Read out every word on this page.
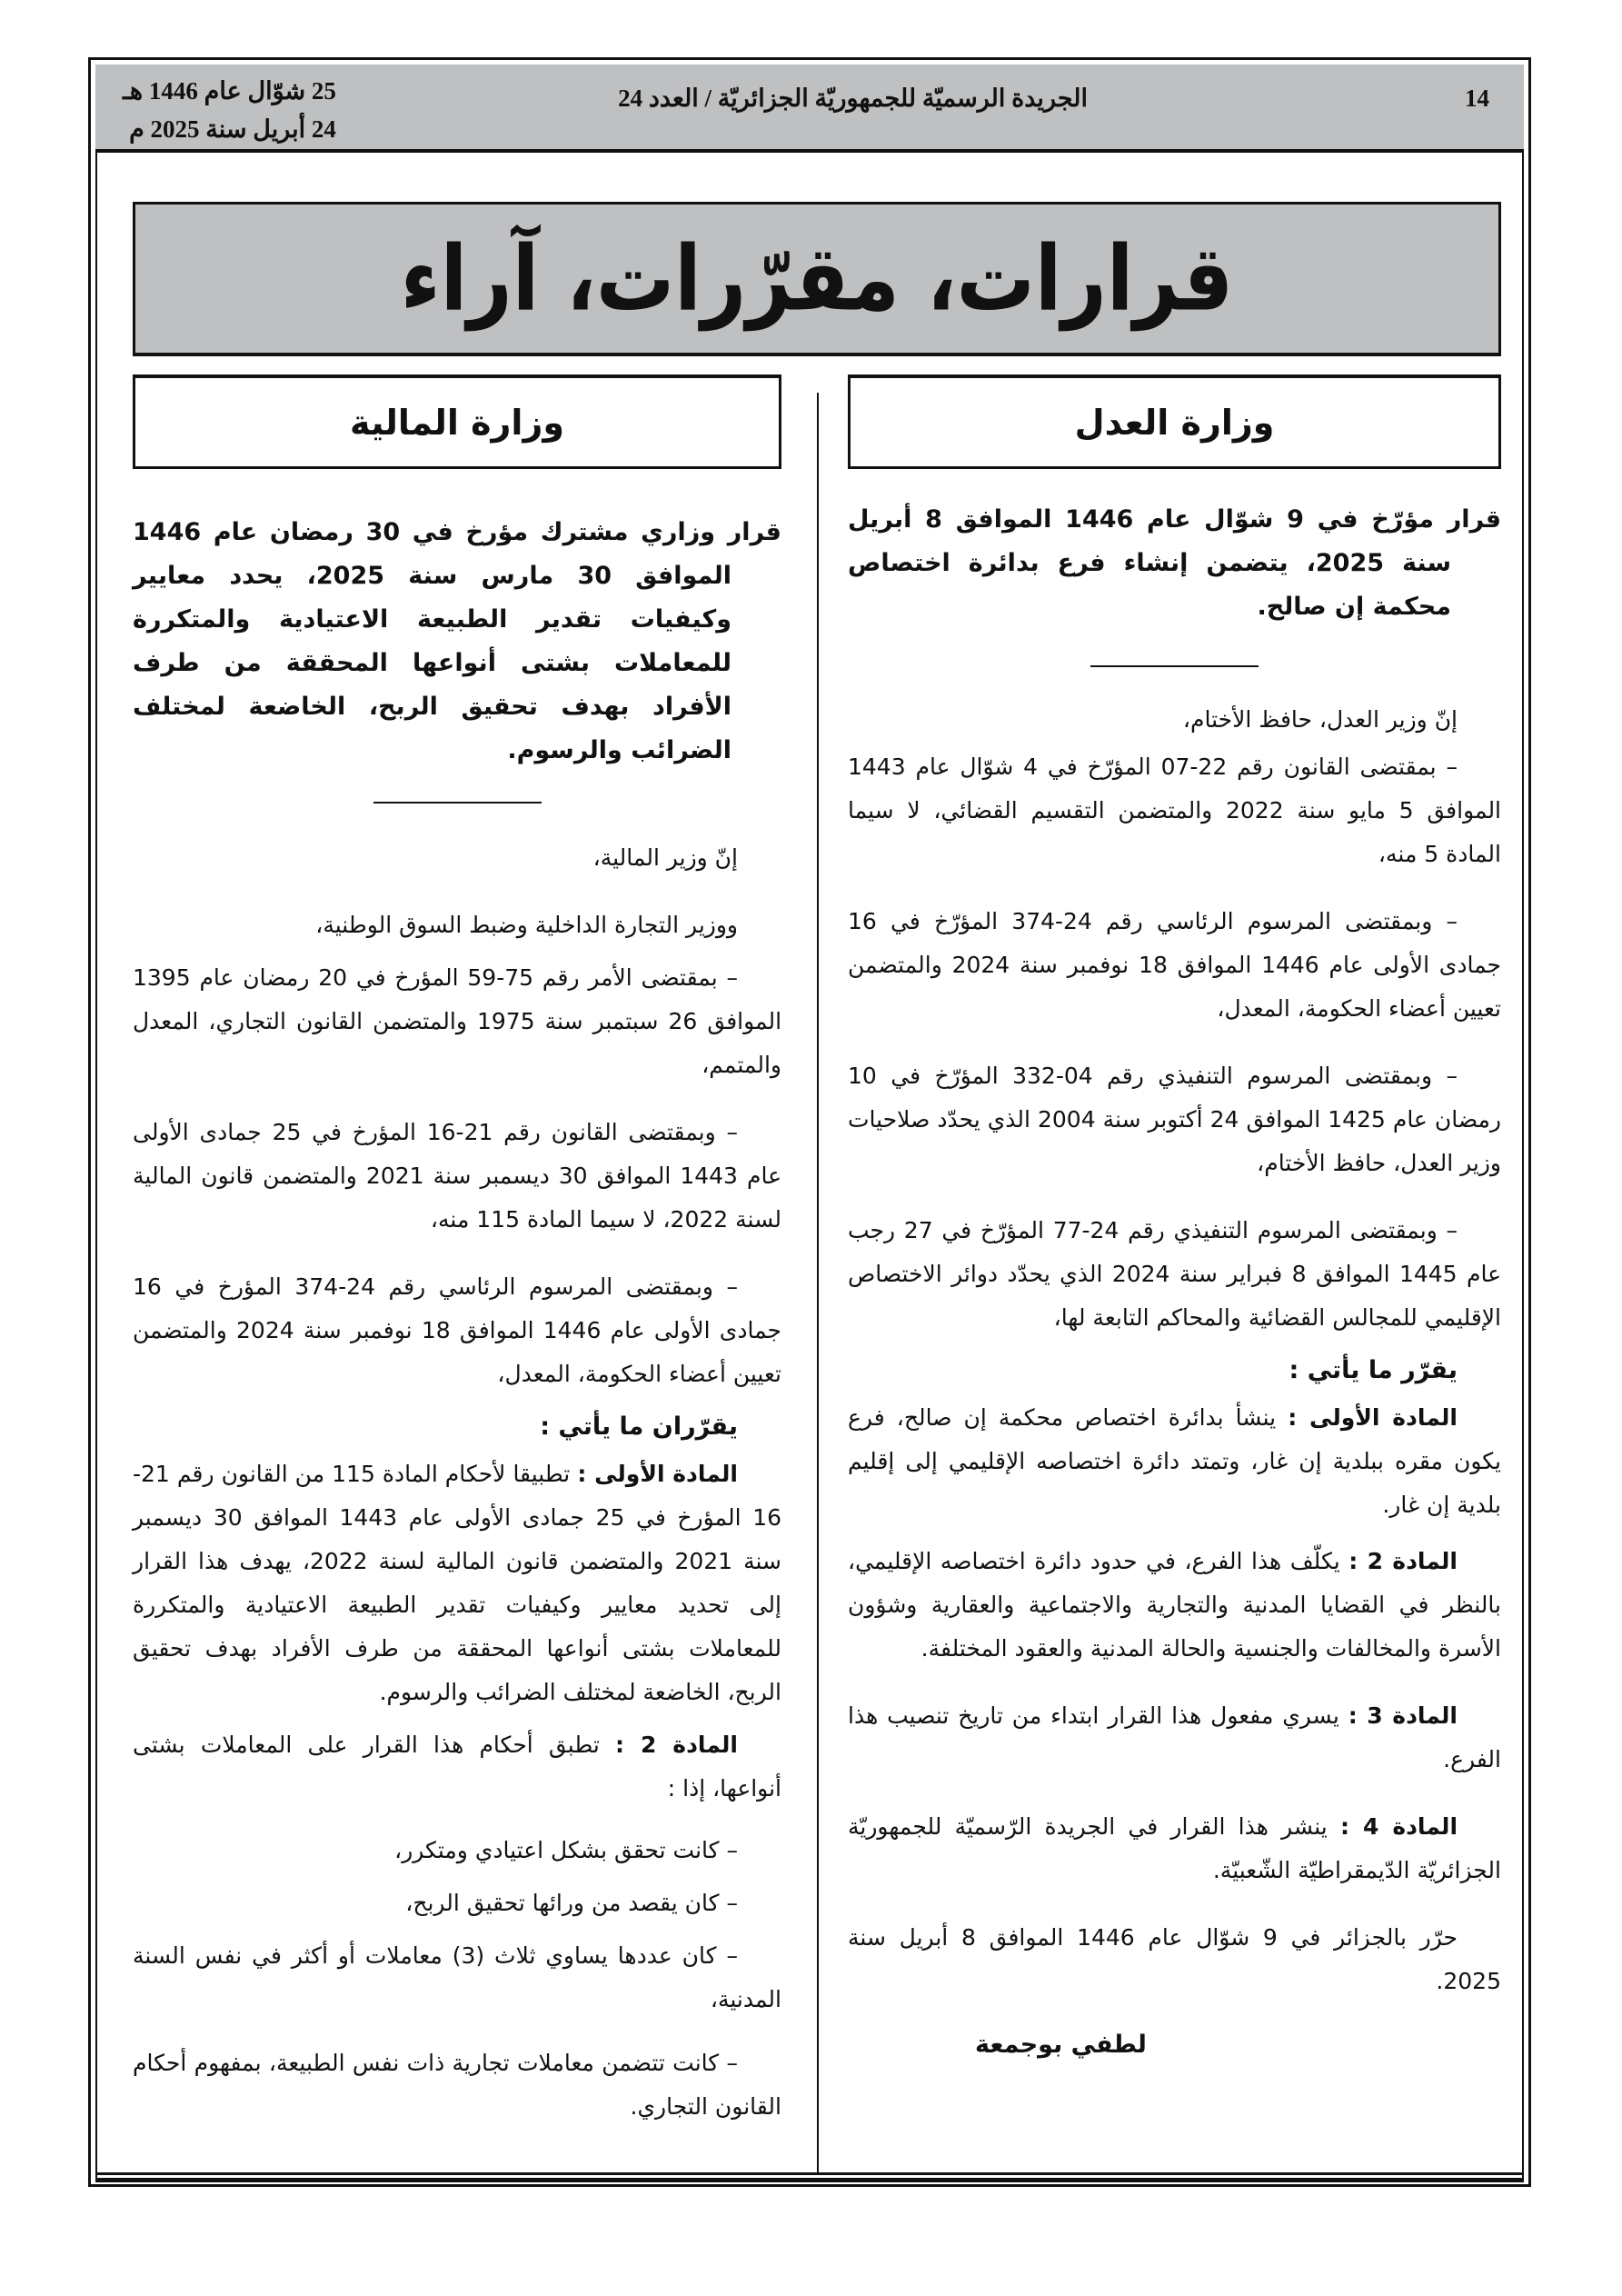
14
الجريدة الرسميّة للجمهوريّة الجزائريّة / العدد 24
25 شوّال عام 1446 هـ
24 أبريل سنة 2025 م
قرارات، مقرّرات، آراء
وزارة العدل
وزارة المالية

قرار مؤرّخ في 9 شوّال عام 1446 الموافق 8 أبريل سنة 2025، يتضمن إنشاء فرع بدائرة اختصاص محكمة إن صالح.

إنّ وزير العدل، حافظ الأختام،

– بمقتضى القانون رقم 22-07 المؤرّخ في 4 شوّال عام 1443 الموافق 5 مايو سنة 2022 والمتضمن التقسيم القضائي، لا سيما المادة 5 منه،

– وبمقتضى المرسوم الرئاسي رقم 24-374 المؤرّخ في 16 جمادى الأولى عام 1446 الموافق 18 نوفمبر سنة 2024 والمتضمن تعيين أعضاء الحكومة، المعدل،

– وبمقتضى المرسوم التنفيذي رقم 04-332 المؤرّخ في 10 رمضان عام 1425 الموافق 24 أكتوبر سنة 2004 الذي يحدّد صلاحيات وزير العدل، حافظ الأختام،

– وبمقتضى المرسوم التنفيذي رقم 24-77 المؤرّخ في 27 رجب عام 1445 الموافق 8 فبراير سنة 2024 الذي يحدّد دوائر الاختصاص الإقليمي للمجالس القضائية والمحاكم التابعة لها،

يقرّر ما يأتي :

المادة الأولى : ينشأ بدائرة اختصاص محكمة إن صالح، فرع يكون مقره ببلدية إن غار، وتمتد دائرة اختصاصه الإقليمي إلى إقليم بلدية إن غار.

المادة 2 : يكلّف هذا الفرع، في حدود دائرة اختصاصه الإقليمي، بالنظر في القضايا المدنية والتجارية والاجتماعية والعقارية وشؤون الأسرة والمخالفات والجنسية والحالة المدنية والعقود المختلفة.

المادة 3 : يسري مفعول هذا القرار ابتداء من تاريخ تنصيب هذا الفرع.

المادة 4 : ينشر هذا القرار في الجريدة الرّسميّة للجمهوريّة الجزائريّة الدّيمقراطيّة الشّعبيّة.

حرّر بالجزائر في 9 شوّال عام 1446 الموافق 8 أبريل سنة 2025.

لطفي بوجمعة

قرار وزاري مشترك مؤرخ في 30 رمضان عام 1446 الموافق 30 مارس سنة 2025، يحدد معايير وكيفيات تقدير الطبيعة الاعتيادية والمتكررة للمعاملات بشتى أنواعها المحققة من طرف الأفراد بهدف تحقيق الربح، الخاضعة لمختلف الضرائب والرسوم.

إنّ وزير المالية،

ووزير التجارة الداخلية وضبط السوق الوطنية،

– بمقتضى الأمر رقم 75-59 المؤرخ في 20 رمضان عام 1395 الموافق 26 سبتمبر سنة 1975 والمتضمن القانون التجاري، المعدل والمتمم،

– وبمقتضى القانون رقم 21-16 المؤرخ في 25 جمادى الأولى عام 1443 الموافق 30 ديسمبر سنة 2021 والمتضمن قانون المالية لسنة 2022، لا سيما المادة 115 منه،

– وبمقتضى المرسوم الرئاسي رقم 24-374 المؤرخ في 16 جمادى الأولى عام 1446 الموافق 18 نوفمبر سنة 2024 والمتضمن تعيين أعضاء الحكومة، المعدل،

يقرّران ما يأتي :

المادة الأولى : تطبيقا لأحكام المادة 115 من القانون رقم 21-16 المؤرخ في 25 جمادى الأولى عام 1443 الموافق 30 ديسمبر سنة 2021 والمتضمن قانون المالية لسنة 2022، يهدف هذا القرار إلى تحديد معايير وكيفيات تقدير الطبيعة الاعتيادية والمتكررة للمعاملات بشتى أنواعها المحققة من طرف الأفراد بهدف تحقيق الربح، الخاضعة لمختلف الضرائب والرسوم.

المادة 2 : تطبق أحكام هذا القرار على المعاملات بشتى أنواعها، إذا :

– كانت تحقق بشكل اعتيادي ومتكرر،

– كان يقصد من ورائها تحقيق الربح،

– كان عددها يساوي ثلاث (3) معاملات أو أكثر في نفس السنة المدنية،

– كانت تتضمن معاملات تجارية ذات نفس الطبيعة، بمفهوم أحكام القانون التجاري.
